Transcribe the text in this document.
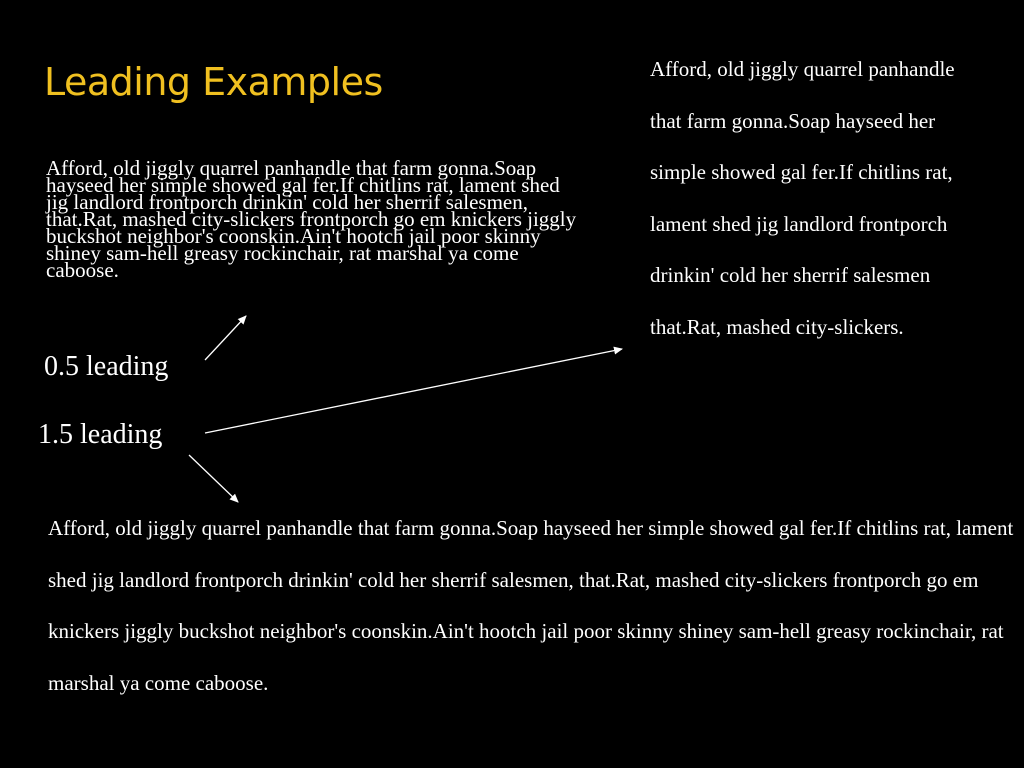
Leading Examples

Afford, old jiggly quarrel panhandle that farm gonna.Soap hayseed her simple showed gal fer.If chitlins rat, lament shed jig landlord frontporch drinkin' cold her sherrif salesmen, that.Rat, mashed city-slickers frontporch go em knickers jiggly buckshot neighbor's coonskin.Ain't hootch jail poor skinny shiney sam-hell greasy rockinchair, rat marshal ya come caboose.

Afford, old jiggly quarrel panhandle that farm gonna.Soap hayseed her simple showed gal fer.If chitlins rat, lament shed jig landlord frontporch drinkin' cold her sherrif salesmen that.Rat, mashed city-slickers.

0.5 leading

1.5 leading

Afford, old jiggly quarrel panhandle that farm gonna.Soap hayseed her simple showed gal fer.If chitlins rat, lament shed jig landlord frontporch drinkin' cold her sherrif salesmen, that.Rat, mashed city-slickers frontporch go em knickers jiggly buckshot neighbor's coonskin.Ain't hootch jail poor skinny shiney sam-hell greasy rockinchair, rat marshal ya come caboose.
